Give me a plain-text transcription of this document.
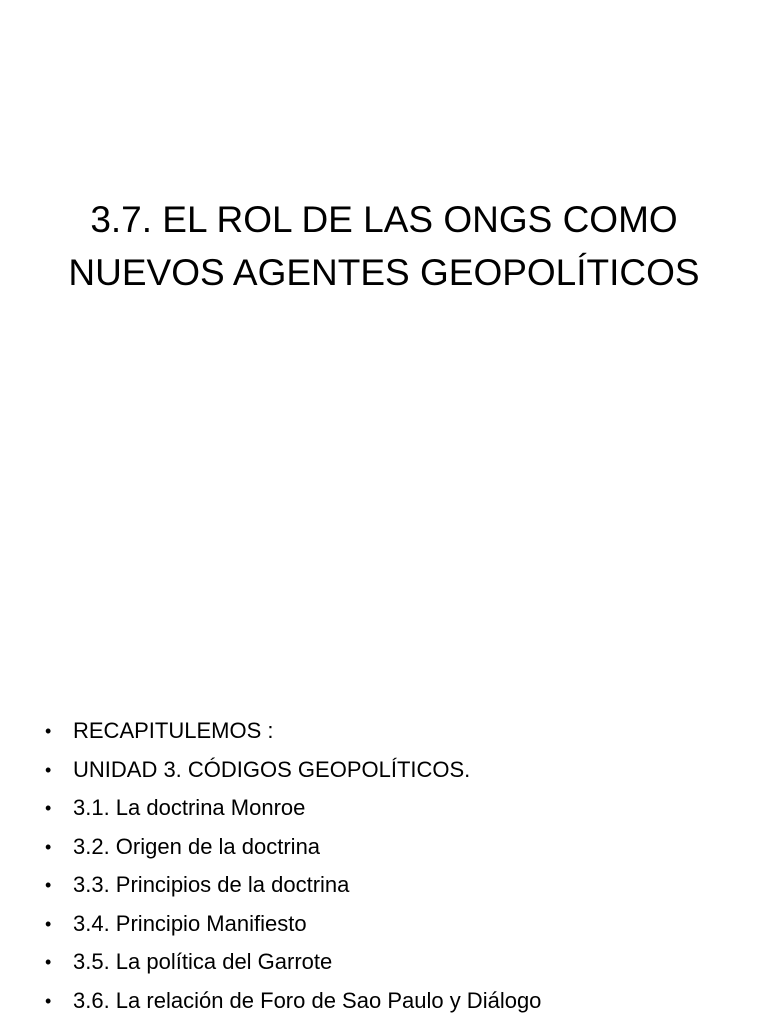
3.7. EL ROL DE LAS ONGS COMO
NUEVOS AGENTES GEOPOLÍTICOS
• RECAPITULEMOS :
• UNIDAD 3. CÓDIGOS GEOPOLÍTICOS.
• 3.1. La doctrina Monroe
• 3.2. Origen de la doctrina
• 3.3. Principios de la doctrina
• 3.4. Principio Manifiesto
• 3.5. La política del Garrote
• 3.6. La relación de Foro de Sao Paulo y Diálogo
